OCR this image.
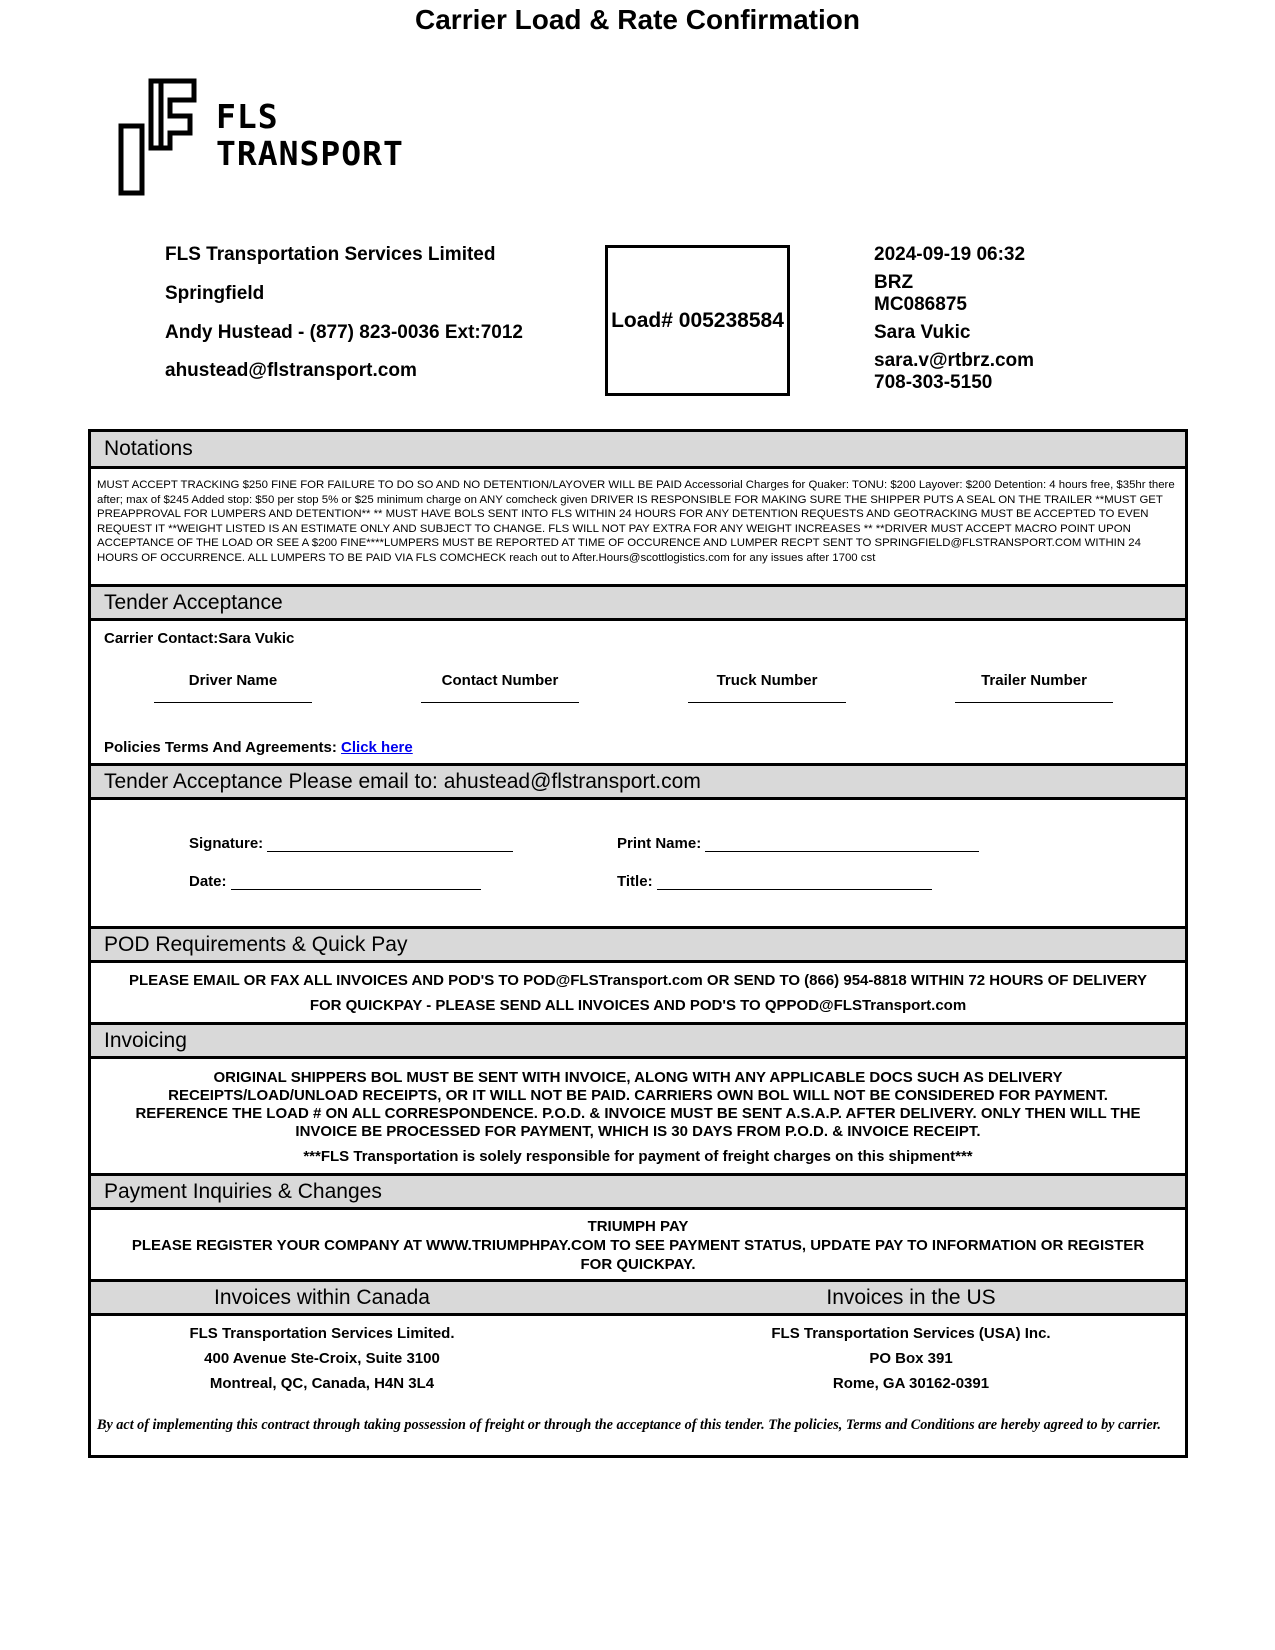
Carrier Load & Rate Confirmation
FLS
TRANSPORT
FLS Transportation Services Limited
Springfield
Andy Hustead - (877) 823-0036 Ext:7012
ahustead@flstransport.com
Load# 005238584
2024-09-19 06:32
BRZ
MC086875
Sara Vukic
sara.v@rtbrz.com
708-303-5150
Notations
MUST ACCEPT TRACKING $250 FINE FOR FAILURE TO DO SO AND NO DETENTION/LAYOVER WILL BE PAID Accessorial Charges for Quaker: TONU: $200 Layover: $200 Detention: 4 hours free, $35hr there after; max of $245 Added stop: $50 per stop 5% or $25 minimum charge on ANY comcheck given DRIVER IS RESPONSIBLE FOR MAKING SURE THE SHIPPER PUTS A SEAL ON THE TRAILER **MUST GET PREAPPROVAL FOR LUMPERS AND DETENTION** ** MUST HAVE BOLS SENT INTO FLS WITHIN 24 HOURS FOR ANY DETENTION REQUESTS AND GEOTRACKING MUST BE ACCEPTED TO EVEN REQUEST IT **WEIGHT LISTED IS AN ESTIMATE ONLY AND SUBJECT TO CHANGE. FLS WILL NOT PAY EXTRA FOR ANY WEIGHT INCREASES ** **DRIVER MUST ACCEPT MACRO POINT UPON ACCEPTANCE OF THE LOAD OR SEE A $200 FINE****LUMPERS MUST BE REPORTED AT TIME OF OCCURENCE AND LUMPER RECPT SENT TO SPRINGFIELD@FLSTRANSPORT.COM WITHIN 24 HOURS OF OCCURRENCE. ALL LUMPERS TO BE PAID VIA FLS COMCHECK reach out to After.Hours@scottlogistics.com for any issues after 1700 cst
Tender Acceptance
Carrier Contact:Sara Vukic
Driver Name	Contact Number	Truck Number	Trailer Number
Policies Terms And Agreements: Click here
Tender Acceptance Please email to: ahustead@flstransport.com
Signature:	Print Name:
Date:	Title:
POD Requirements & Quick Pay
PLEASE EMAIL OR FAX ALL INVOICES AND POD'S TO POD@FLSTransport.com OR SEND TO (866) 954-8818 WITHIN 72 HOURS OF DELIVERY
FOR QUICKPAY - PLEASE SEND ALL INVOICES AND POD'S TO QPPOD@FLSTransport.com
Invoicing
ORIGINAL SHIPPERS BOL MUST BE SENT WITH INVOICE, ALONG WITH ANY APPLICABLE DOCS SUCH AS DELIVERY
RECEIPTS/LOAD/UNLOAD RECEIPTS, OR IT WILL NOT BE PAID. CARRIERS OWN BOL WILL NOT BE CONSIDERED FOR PAYMENT.
REFERENCE THE LOAD # ON ALL CORRESPONDENCE. P.O.D. & INVOICE MUST BE SENT A.S.A.P. AFTER DELIVERY. ONLY THEN WILL THE
INVOICE BE PROCESSED FOR PAYMENT, WHICH IS 30 DAYS FROM P.O.D. & INVOICE RECEIPT.
***FLS Transportation is solely responsible for payment of freight charges on this shipment***
Payment Inquiries & Changes
TRIUMPH PAY
PLEASE REGISTER YOUR COMPANY AT WWW.TRIUMPHPAY.COM TO SEE PAYMENT STATUS, UPDATE PAY TO INFORMATION OR REGISTER
FOR QUICKPAY.
Invoices within Canada	Invoices in the US
FLS Transportation Services Limited.
400 Avenue Ste-Croix, Suite 3100
Montreal, QC, Canada, H4N 3L4
FLS Transportation Services (USA) Inc.
PO Box 391
Rome, GA 30162-0391
By act of implementing this contract through taking possession of freight or through the acceptance of this tender. The policies, Terms and Conditions are hereby agreed to by carrier.
